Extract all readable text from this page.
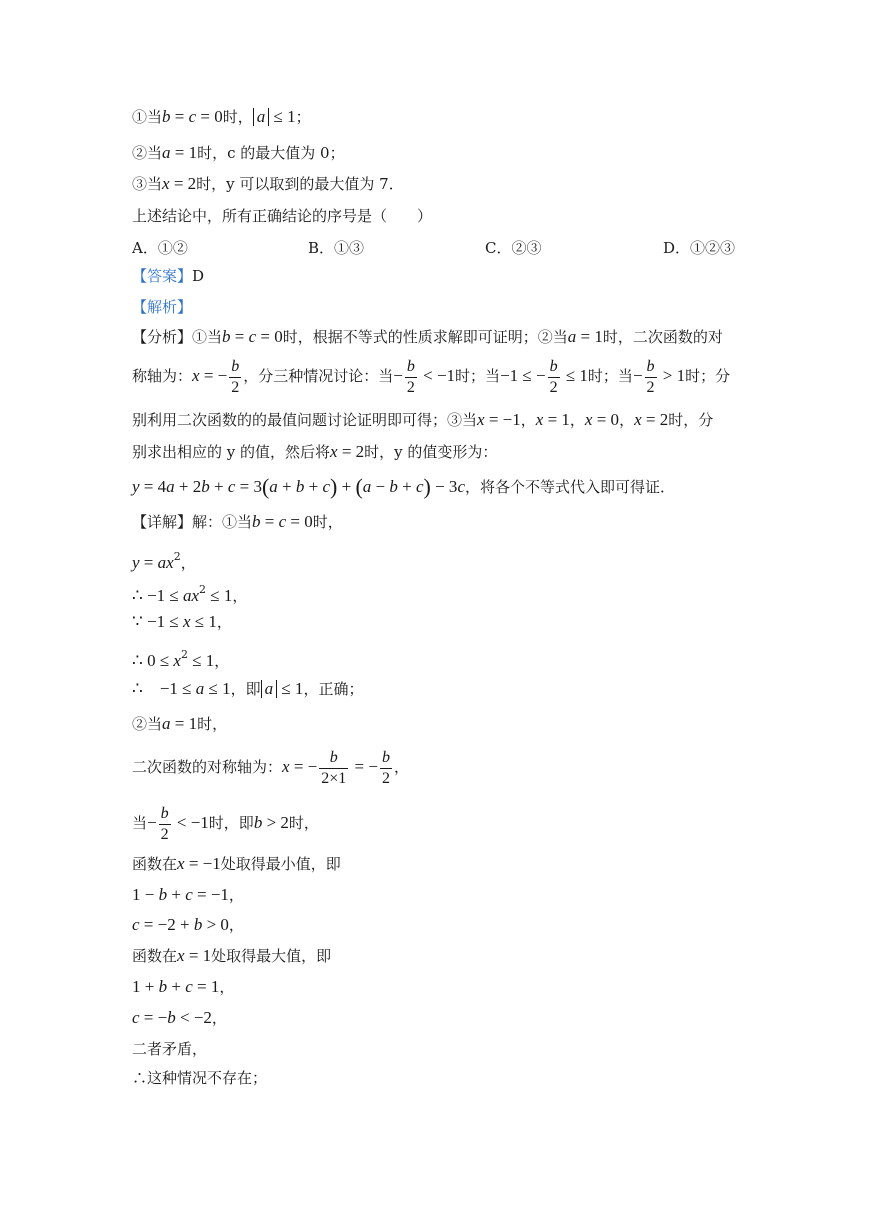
①当b = c = 0时， a ≤ 1；
②当a = 1时，c 的最大值为 0；
③当x = 2时，y 可以取到的最大值为 7．
上述结论中，所有正确结论的序号是（　　）
A．①②	B．①③	C．②③	D．①②③
【答案】D
【解析】
【分析】①当b = c = 0时，根据不等式的性质求解即可证明；②当a = 1时，二次函数的对
称轴为：x = − $\frac{b}{2}$ ，分三种情况讨论：当− $\frac{b}{2} < -1$时；当−1 ≤ − $\frac{b}{2} \le 1$时；当− $\frac{b}{2} > 1$时；分
别利用二次函数的的最值问题讨论证明即可得；③当x = −1，x = 1，x = 0，x = 2时，分
别求出相应的 y 的值，然后将x = 2时，y 的值变形为：
y = 4a + 2b + c = 3(a + b + c) + (a − b + c) − 3c，将各个不等式代入即可得证．
【详解】解：①当b = c = 0时，
$y = ax^2$，
∴ $-1 \le ax^2 \le 1$，
∵ −1 ≤ x ≤ 1，
∴ $0 \le x^2 \le 1$，
∴　−1 ≤ a ≤ 1，即 a ≤ 1，正确；
②当a = 1时，
二次函数的对称轴为：x = − $\frac{b}{2\times 1}$ = − $\frac{b}{2}$ ，
当− $\frac{b}{2} < -1$时，即b > 2时，
函数在x = −1处取得最小值，即
1 − b + c = −1，
c = −2 + b > 0，
函数在x = 1处取得最大值，即
1 + b + c = 1，
c = −b < −2，
二者矛盾，
∴这种情况不存在；
